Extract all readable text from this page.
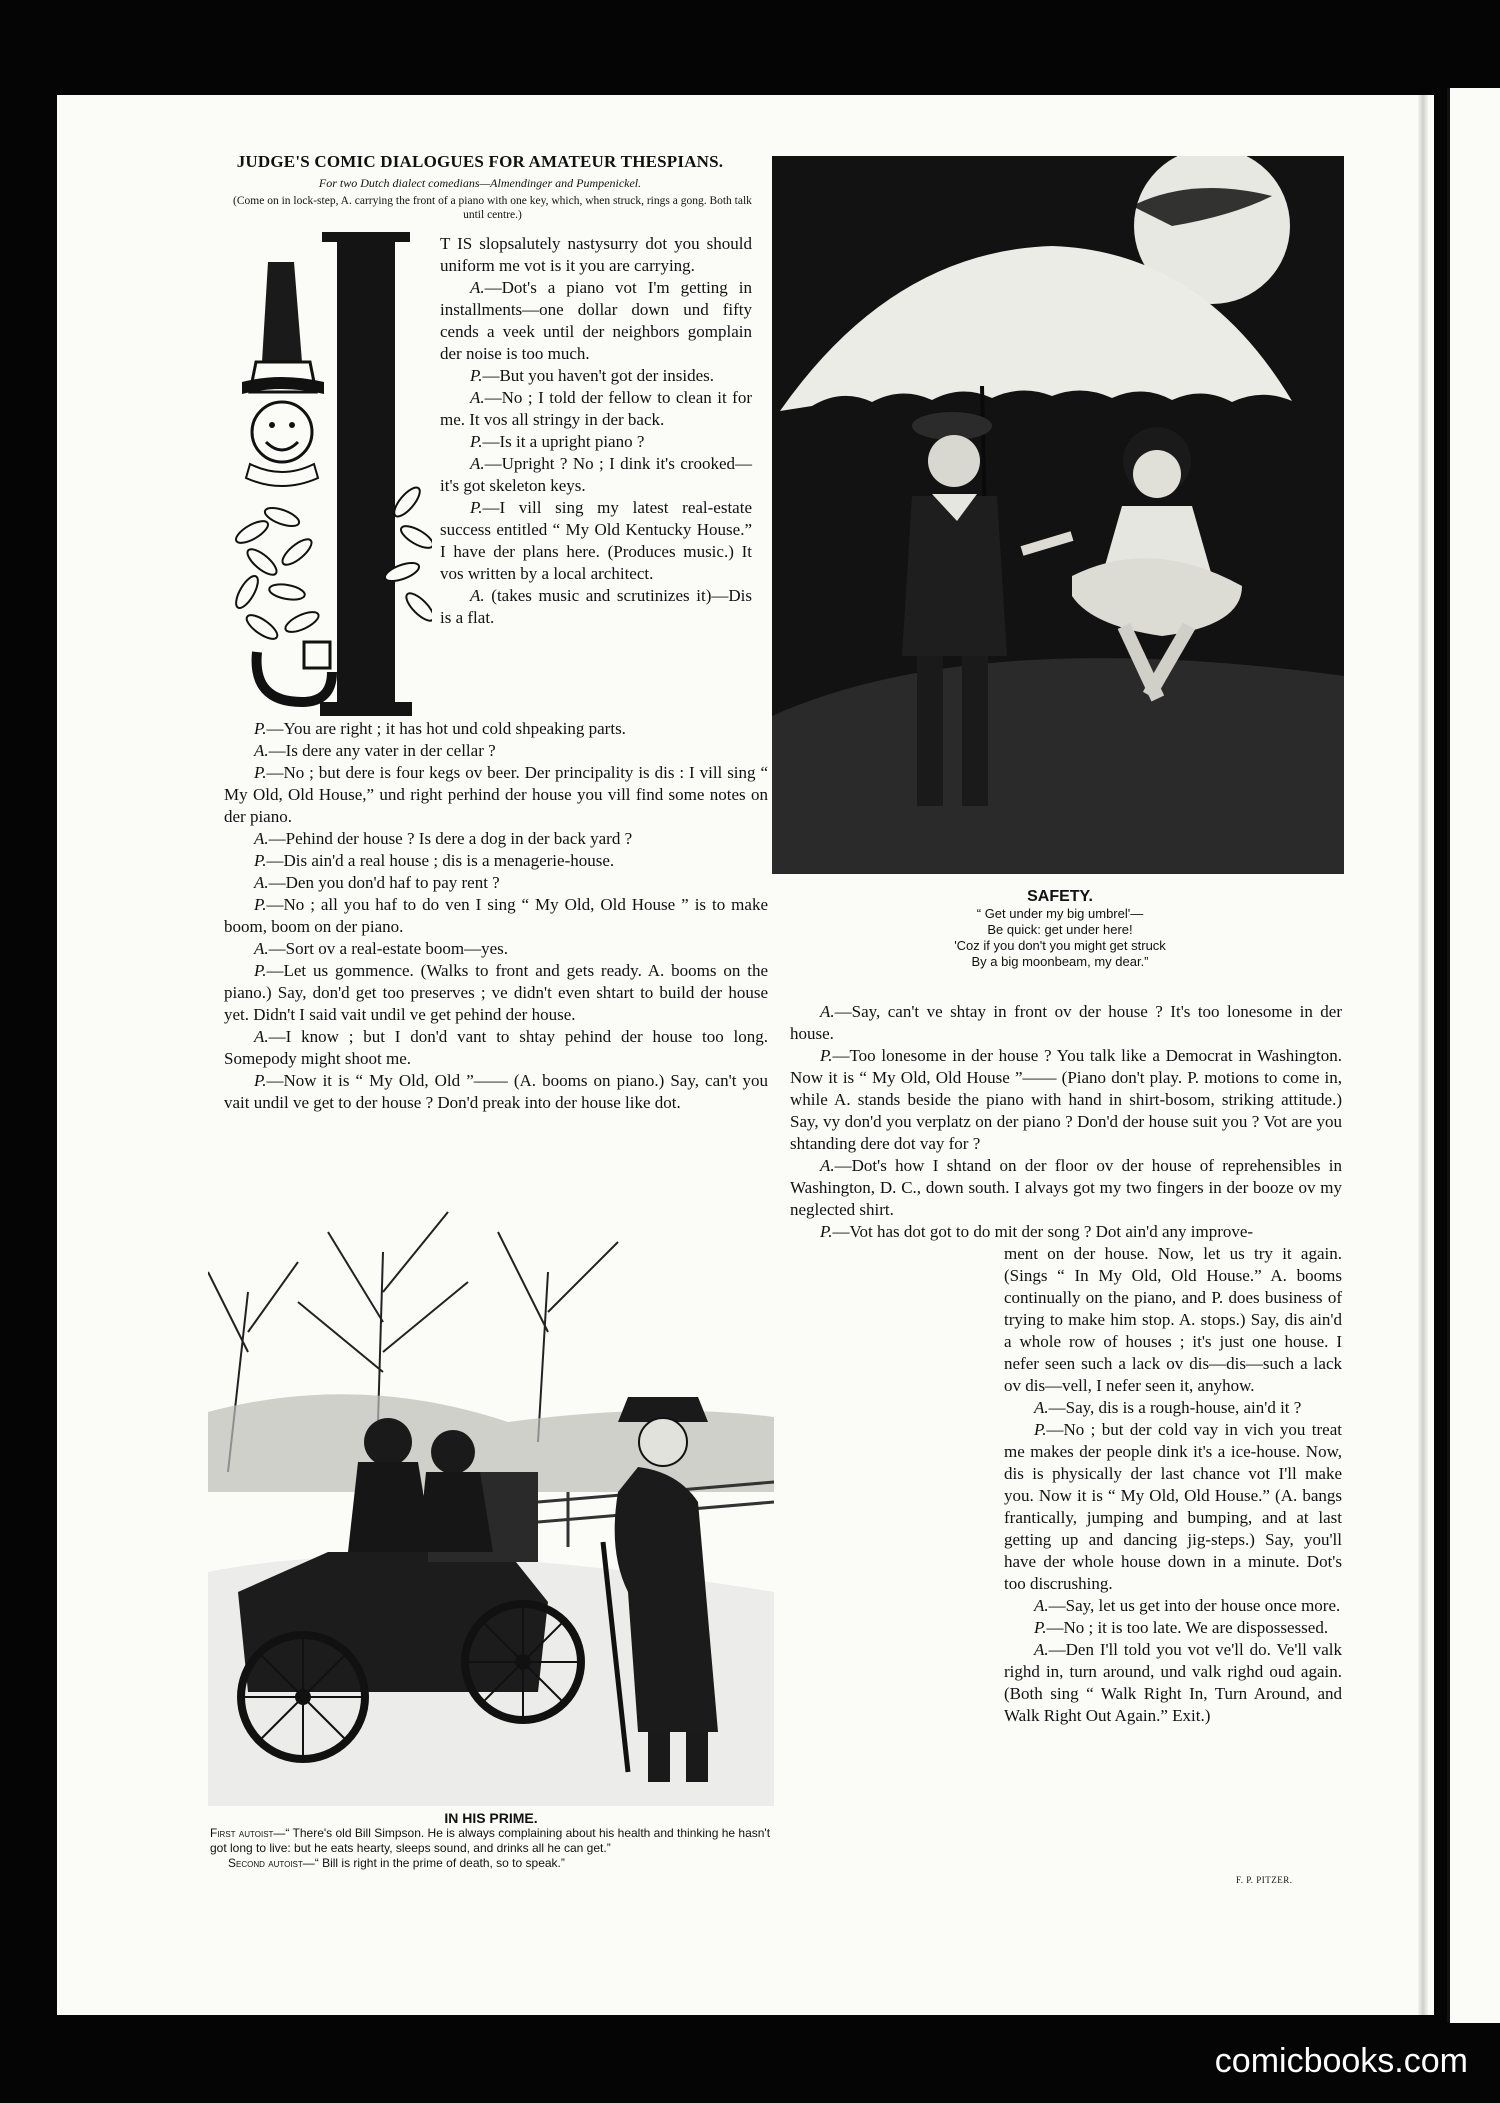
JUDGE'S COMIC DIALOGUES FOR AMATEUR THESPIANS.
For two Dutch dialect comedians—Almendinger and Pumpenickel.
(Come on in lock-step, A. carrying the front of a piano with one key, which, when struck, rings a gong. Both talk until centre.)

T IS slopsalutely nastysurry dot you should uniform me vot is it you are carrying.

A.—Dot's a piano vot I'm getting in installments—one dollar down und fifty cends a veek until der neighbors gomplain der noise is too much.

P.—But you haven't got der insides.

A.—No ; I told der fellow to clean it for me. It vos all stringy in der back.

P.—Is it a upright piano ?

A.—Upright ? No ; I dink it's crooked—it's got skeleton keys.

P.—I vill sing my latest real-estate success entitled “ My Old Kentucky House.” I have der plans here. (Produces music.) It vos written by a local architect.

A. (takes music and scrutinizes it)—Dis is a flat.

P.—You are right ; it has hot und cold shpeaking parts.

A.—Is dere any vater in der cellar ?

P.—No ; but dere is four kegs ov beer. Der principality is dis : I vill sing “ My Old, Old House,” und right perhind der house you vill find some notes on der piano.

A.—Pehind der house ? Is dere a dog in der back yard ?

P.—Dis ain'd a real house ; dis is a menagerie-house.

A.—Den you don'd haf to pay rent ?

P.—No ; all you haf to do ven I sing “ My Old, Old House ” is to make boom, boom on der piano.

A.—Sort ov a real-estate boom—yes.

P.—Let us gommence. (Walks to front and gets ready. A. booms on the piano.) Say, don'd get too preserves ; ve didn't even shtart to build der house yet. Didn't I said vait undil ve get pehind der house.

A.—I know ; but I don'd vant to shtay pehind der house too long. Somepody might shoot me.

P.—Now it is “ My Old, Old ”—— (A. booms on piano.) Say, can't you vait undil ve get to der house ? Don'd preak into der house like dot.

SAFETY.
“ Get under my big umbrel'—
Be quick: get under here!
'Coz if you don't you might get struck
By a big moonbeam, my dear.”
IN HIS PRIME.
First autoist—“ There's old Bill Simpson. He is always complaining about his health and thinking he hasn't got long to live: but he eats hearty, sleeps sound, and drinks all he can get.”
Second autoist—“ Bill is right in the prime of death, so to speak.”

A.—Say, can't ve shtay in front ov der house ? It's too lonesome in der house.

P.—Too lonesome in der house ? You talk like a Democrat in Washington. Now it is “ My Old, Old House ”—— (Piano don't play. P. motions to come in, while A. stands beside the piano with hand in shirt-bosom, striking attitude.) Say, vy don'd you verplatz on der piano ? Don'd der house suit you ? Vot are you shtanding dere dot vay for ?

A.—Dot's how I shtand on der floor ov der house of reprehensibles in Washington, D. C., down south. I alvays got my two fingers in der booze ov my neglected shirt.

P.—Vot has dot got to do mit der song ? Dot ain'd any improve-

ment on der house. Now, let us try it again. (Sings “ In My Old, Old House.” A. booms continually on the piano, and P. does business of trying to make him stop. A. stops.) Say, dis ain'd a whole row of houses ; it's just one house. I nefer seen such a lack ov dis—dis—such a lack ov dis—vell, I nefer seen it, anyhow.

A.—Say, dis is a rough-house, ain'd it ?

P.—No ; but der cold vay in vich you treat me makes der people dink it's a ice-house. Now, dis is physically der last chance vot I'll make you. Now it is “ My Old, Old House.” (A. bangs frantically, jumping and bumping, and at last getting up and dancing jig-steps.) Say, you'll have der whole house down in a minute. Dot's too discrushing.

A.—Say, let us get into der house once more.

P.—No ; it is too late. We are dispossessed.

A.—Den I'll told you vot ve'll do. Ve'll valk righd in, turn around, und valk righd oud again. (Both sing “ Walk Right In, Turn Around, and Walk Right Out Again.” Exit.)

F. P. PITZER.
comicbooks.com
